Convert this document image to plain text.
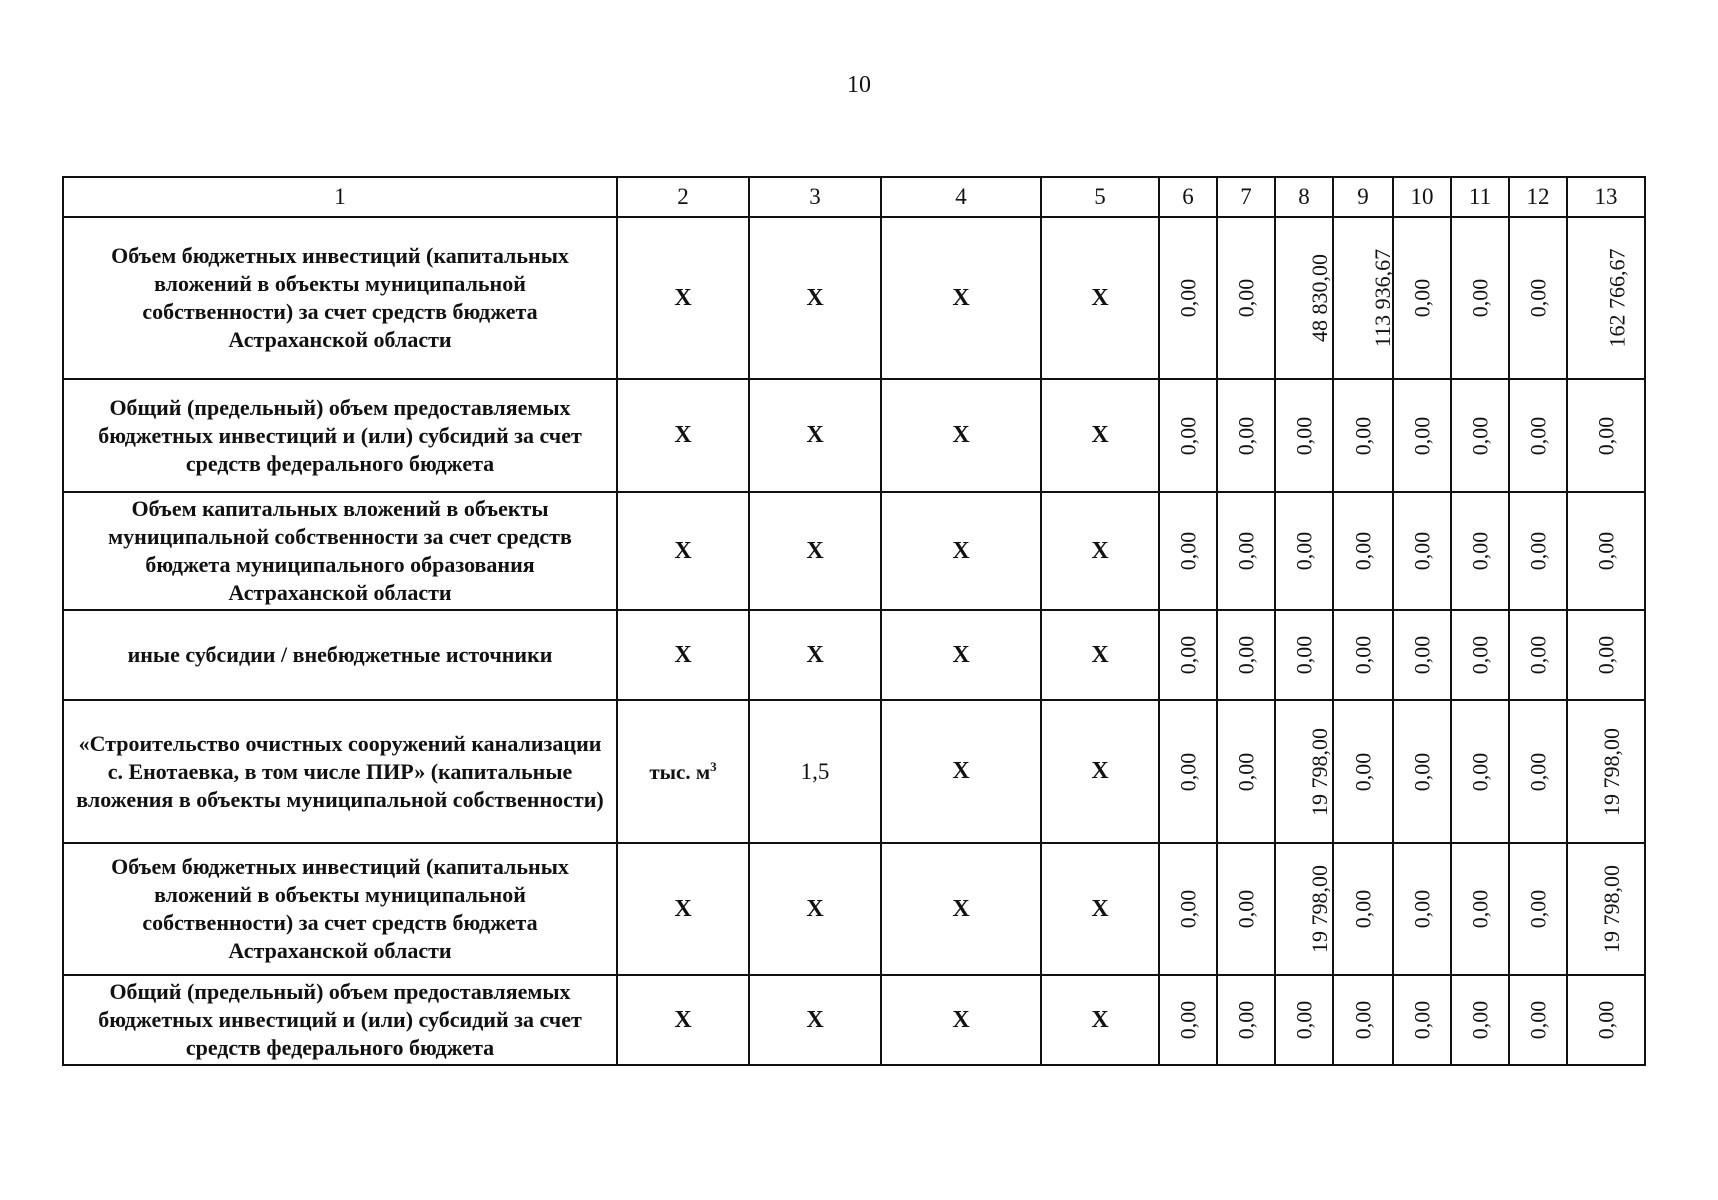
10
1	2	3	4	5	6	7	8	9	10	11	12	13
Объем бюджетных инвестиций (капитальных вложений в объекты муниципальной собственности) за счет средств бюджета Астраханской области	X	X	X	X	0,00	0,00	48 830,00	113 936,67	0,00	0,00	0,00	162 766,67
Общий (предельный) объем предоставляемых бюджетных инвестиций и (или) субсидий за счет средств федерального бюджета	X	X	X	X	0,00	0,00	0,00	0,00	0,00	0,00	0,00	0,00
Объем капитальных вложений в объекты муниципальной собственности за счет средств бюджета муниципального образования Астраханской области	X	X	X	X	0,00	0,00	0,00	0,00	0,00	0,00	0,00	0,00
иные субсидии / внебюджетные источники	X	X	X	X	0,00	0,00	0,00	0,00	0,00	0,00	0,00	0,00
«Строительство очистных сооружений канализации с. Енотаевка, в том числе ПИР» (капитальные вложения в объекты муниципальной собственности)	тыс. $м^3$	1,5	X	X	0,00	0,00	19 798,00	0,00	0,00	0,00	0,00	19 798,00
Объем бюджетных инвестиций (капитальных вложений в объекты муниципальной собственности) за счет средств бюджета Астраханской области	X	X	X	X	0,00	0,00	19 798,00	0,00	0,00	0,00	0,00	19 798,00
Общий (предельный) объем предоставляемых бюджетных инвестиций и (или) субсидий за счет средств федерального бюджета	X	X	X	X	0,00	0,00	0,00	0,00	0,00	0,00	0,00	0,00
